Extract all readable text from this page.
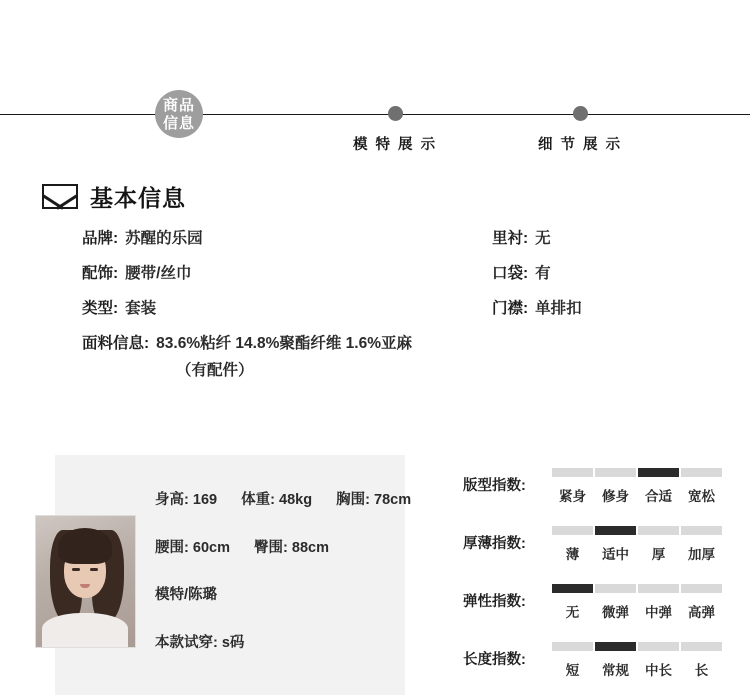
商品
信息
模 特 展 示	细 节 展 示
基本信息
品牌: 苏醒的乐园	里衬: 无
配饰: 腰带/丝巾	口袋: 有
类型: 套装	门襟: 单排扣
面料信息: 83.6%粘纤 14.8%聚酯纤维 1.6%亚麻
（有配件）
身高: 169 体重: 48kg 胸围: 78cm
腰围: 60cm 臀围: 88cm
模特/陈璐
本款试穿: s码
版型指数:
紧身	修身	合适	宽松
厚薄指数:
薄	适中	厚	加厚
弹性指数:
无	微弹	中弹	高弹
长度指数:
短	常规	中长	长
